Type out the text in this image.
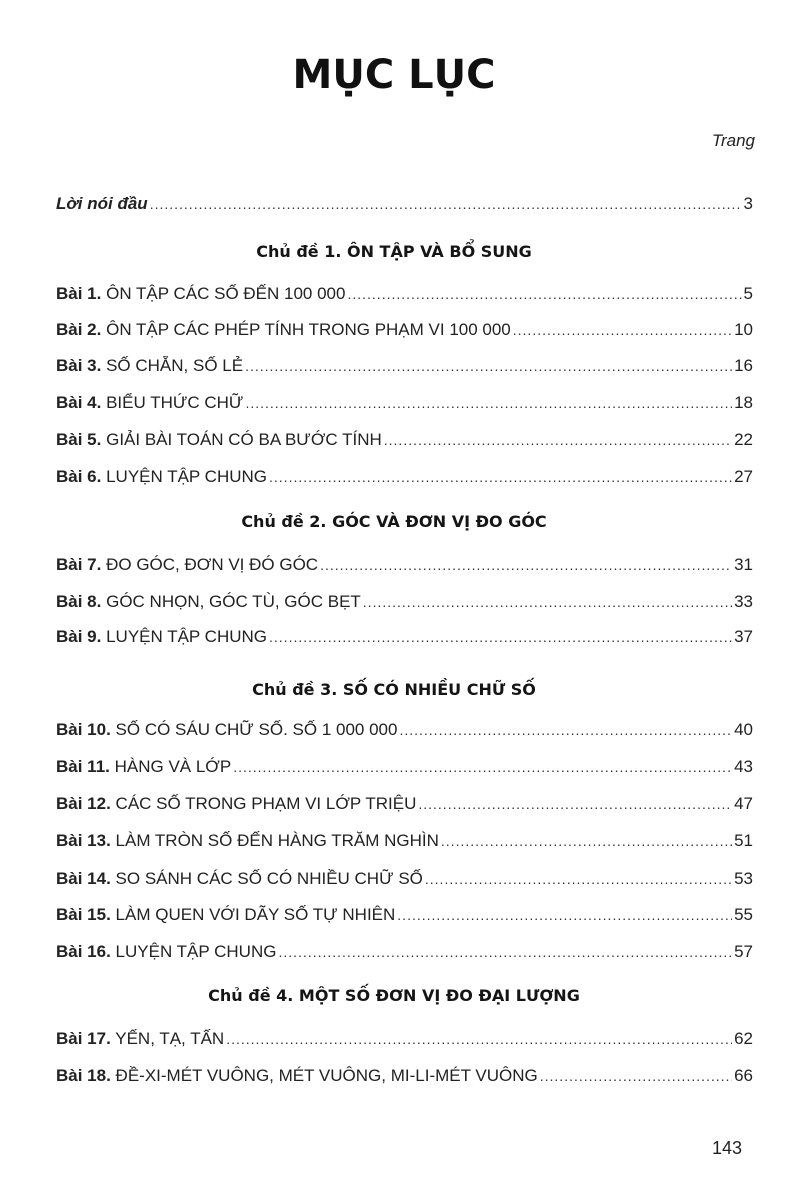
MỤC LỤC
Trang
Lời nói đầu .....	3
Chủ đề 1. ÔN TẬP VÀ BỔ SUNG
Bài 1. ÔN TẬP CÁC SỐ ĐẾN 100 000 .....	5
Bài 2. ÔN TẬP CÁC PHÉP TÍNH TRONG PHẠM VI 100 000 .....	10
Bài 3. SỐ CHẴN, SỐ LẺ .....	16
Bài 4. BIỂU THỨC CHỮ .....	18
Bài 5. GIẢI BÀI TOÁN CÓ BA BƯỚC TÍNH .....	22
Bài 6. LUYỆN TẬP CHUNG .....	27
Chủ đề 2. GÓC VÀ ĐƠN VỊ ĐO GÓC
Bài 7. ĐO GÓC, ĐƠN VỊ ĐÓ GÓC .....	31
Bài 8. GÓC NHỌN, GÓC TÙ, GÓC BẸT .....	33
Bài 9. LUYỆN TẬP CHUNG .....	37
Chủ đề 3. SỐ CÓ NHIỀU CHỮ SỐ
Bài 10. SỐ CÓ SÁU CHỮ SỐ. SỐ 1 000 000 .....	40
Bài 11. HÀNG VÀ LỚP .....	43
Bài 12. CÁC SỐ TRONG PHẠM VI LỚP TRIỆU .....	47
Bài 13. LÀM TRÒN SỐ ĐẾN HÀNG TRĂM NGHÌN .....	51
Bài 14. SO SÁNH CÁC SỐ CÓ NHIỀU CHỮ SỐ .....	53
Bài 15. LÀM QUEN VỚI DÃY SỐ TỰ NHIÊN .....	55
Bài 16. LUYỆN TẬP CHUNG .....	57
Chủ đề 4. MỘT SỐ ĐƠN VỊ ĐO ĐẠI LƯỢNG
Bài 17. YẾN, TẠ, TẤN .....	62
Bài 18. ĐỀ-XI-MÉT VUÔNG, MÉT VUÔNG, MI-LI-MÉT VUÔNG .....	66
143
